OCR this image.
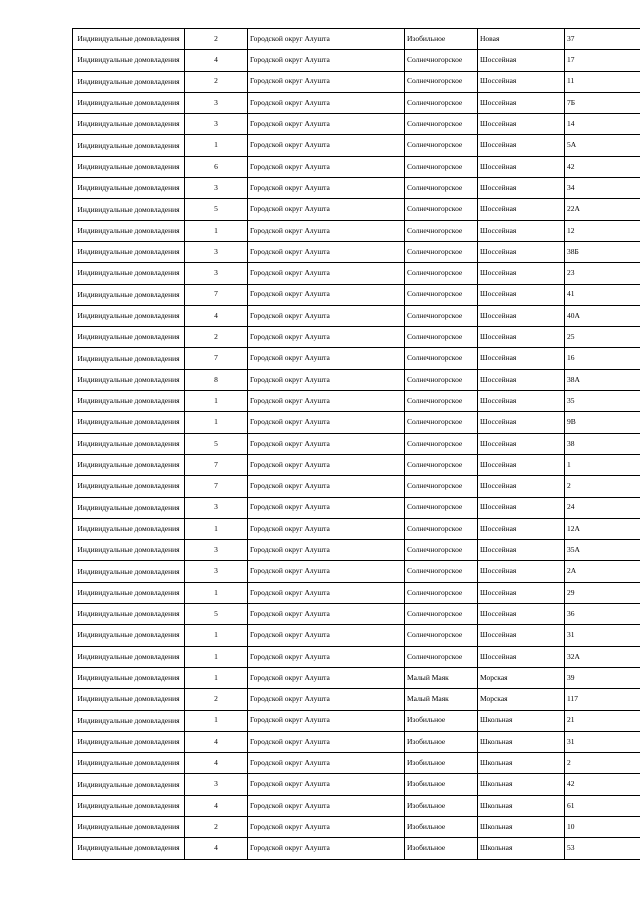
Индивидуальные домовладения	2	Городской округ Алушта	Изобильное	Новая	37
Индивидуальные домовладения	4	Городской округ Алушта	Солнечногорское	Шоссейная	17
Индивидуальные домовладения	2	Городской округ Алушта	Солнечногорское	Шоссейная	11
Индивидуальные домовладения	3	Городской округ Алушта	Солнечногорское	Шоссейная	7Б
Индивидуальные домовладения	3	Городской округ Алушта	Солнечногорское	Шоссейная	14
Индивидуальные домовладения	1	Городской округ Алушта	Солнечногорское	Шоссейная	5А
Индивидуальные домовладения	6	Городской округ Алушта	Солнечногорское	Шоссейная	42
Индивидуальные домовладения	3	Городской округ Алушта	Солнечногорское	Шоссейная	34
Индивидуальные домовладения	5	Городской округ Алушта	Солнечногорское	Шоссейная	22А
Индивидуальные домовладения	1	Городской округ Алушта	Солнечногорское	Шоссейная	12
Индивидуальные домовладения	3	Городской округ Алушта	Солнечногорское	Шоссейная	38Б
Индивидуальные домовладения	3	Городской округ Алушта	Солнечногорское	Шоссейная	23
Индивидуальные домовладения	7	Городской округ Алушта	Солнечногорское	Шоссейная	41
Индивидуальные домовладения	4	Городской округ Алушта	Солнечногорское	Шоссейная	40А
Индивидуальные домовладения	2	Городской округ Алушта	Солнечногорское	Шоссейная	25
Индивидуальные домовладения	7	Городской округ Алушта	Солнечногорское	Шоссейная	16
Индивидуальные домовладения	8	Городской округ Алушта	Солнечногорское	Шоссейная	38А
Индивидуальные домовладения	1	Городской округ Алушта	Солнечногорское	Шоссейная	35
Индивидуальные домовладения	1	Городской округ Алушта	Солнечногорское	Шоссейная	9В
Индивидуальные домовладения	5	Городской округ Алушта	Солнечногорское	Шоссейная	38
Индивидуальные домовладения	7	Городской округ Алушта	Солнечногорское	Шоссейная	1
Индивидуальные домовладения	7	Городской округ Алушта	Солнечногорское	Шоссейная	2
Индивидуальные домовладения	3	Городской округ Алушта	Солнечногорское	Шоссейная	24
Индивидуальные домовладения	1	Городской округ Алушта	Солнечногорское	Шоссейная	12А
Индивидуальные домовладения	3	Городской округ Алушта	Солнечногорское	Шоссейная	35А
Индивидуальные домовладения	3	Городской округ Алушта	Солнечногорское	Шоссейная	2А
Индивидуальные домовладения	1	Городской округ Алушта	Солнечногорское	Шоссейная	29
Индивидуальные домовладения	5	Городской округ Алушта	Солнечногорское	Шоссейная	36
Индивидуальные домовладения	1	Городской округ Алушта	Солнечногорское	Шоссейная	31
Индивидуальные домовладения	1	Городской округ Алушта	Солнечногорское	Шоссейная	32А
Индивидуальные домовладения	1	Городской округ Алушта	Малый Маяк	Морская	39
Индивидуальные домовладения	2	Городской округ Алушта	Малый Маяк	Морская	117
Индивидуальные домовладения	1	Городской округ Алушта	Изобильное	Школьная	21
Индивидуальные домовладения	4	Городской округ Алушта	Изобильное	Школьная	31
Индивидуальные домовладения	4	Городской округ Алушта	Изобильное	Школьная	2
Индивидуальные домовладения	3	Городской округ Алушта	Изобильное	Школьная	42
Индивидуальные домовладения	4	Городской округ Алушта	Изобильное	Школьная	61
Индивидуальные домовладения	2	Городской округ Алушта	Изобильное	Школьная	10
Индивидуальные домовладения	4	Городской округ Алушта	Изобильное	Школьная	53
